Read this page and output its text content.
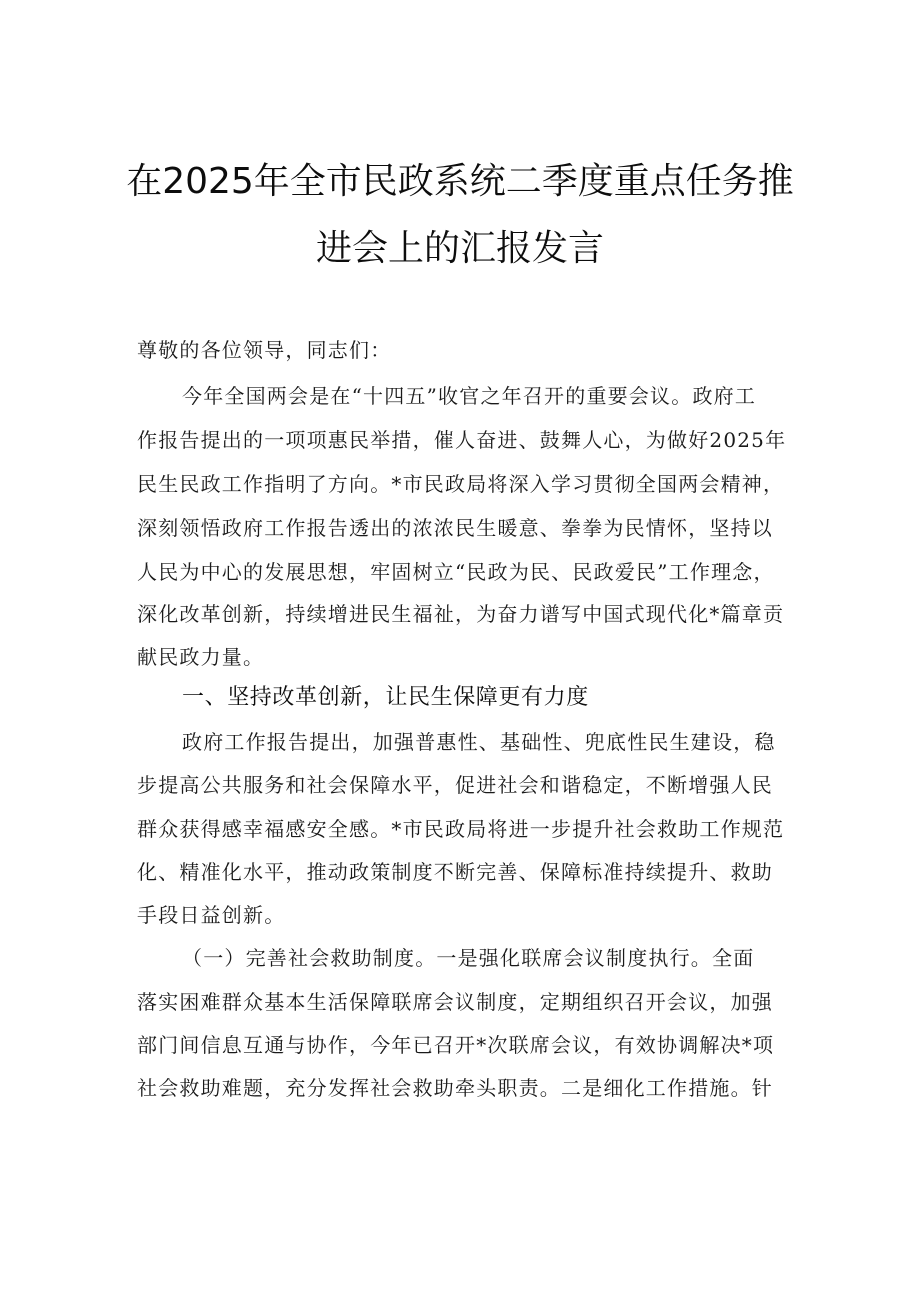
在2025年全市民政系统二季度重点任务推
进会上的汇报发言
尊敬的各位领导，同志们：
今年全国两会是在“十四五”收官之年召开的重要会议。政府工
作报告提出的一项项惠民举措，催人奋进、鼓舞人心，为做好2025年
民生民政工作指明了方向。*市民政局将深入学习贯彻全国两会精神，
深刻领悟政府工作报告透出的浓浓民生暖意、拳拳为民情怀，坚持以
人民为中心的发展思想，牢固树立“民政为民、民政爱民”工作理念，
深化改革创新，持续增进民生福祉，为奋力谱写中国式现代化*篇章贡
献民政力量。
一、坚持改革创新，让民生保障更有力度
政府工作报告提出，加强普惠性、基础性、兜底性民生建设，稳
步提高公共服务和社会保障水平，促进社会和谐稳定，不断增强人民
群众获得感幸福感安全感。*市民政局将进一步提升社会救助工作规范
化、精准化水平，推动政策制度不断完善、保障标准持续提升、救助
手段日益创新。
（一）完善社会救助制度。一是强化联席会议制度执行。全面
落实困难群众基本生活保障联席会议制度，定期组织召开会议，加强
部门间信息互通与协作，今年已召开*次联席会议，有效协调解决*项
社会救助难题，充分发挥社会救助牵头职责。二是细化工作措施。针
